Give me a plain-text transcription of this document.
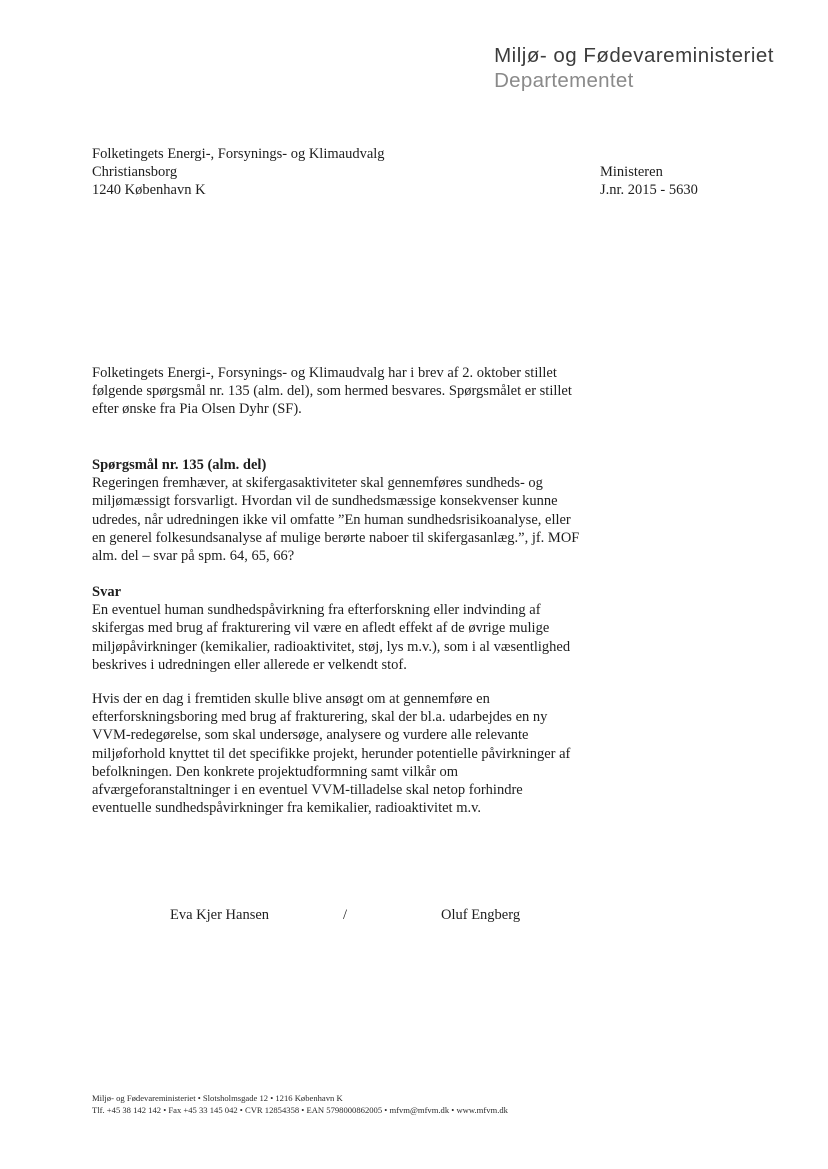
Miljø- og Fødevareministeriet
Departementet
Folketingets Energi-, Forsynings- og Klimaudvalg
Christiansborg
1240 København K
Ministeren
J.nr. 2015 - 5630
Folketingets Energi-, Forsynings- og Klimaudvalg har i brev af 2. oktober stillet
følgende spørgsmål nr. 135 (alm. del), som hermed besvares. Spørgsmålet er stillet
efter ønske fra Pia Olsen Dyhr (SF).
Spørgsmål nr. 135 (alm. del)
Regeringen fremhæver, at skifergasaktiviteter skal gennemføres sundheds- og
miljømæssigt forsvarligt. Hvordan vil de sundhedsmæssige konsekvenser kunne
udredes, når udredningen ikke vil omfatte ”En human sundhedsrisikoanalyse, eller
en generel folkesundsanalyse af mulige berørte naboer til skifergasanlæg.”, jf. MOF
alm. del – svar på spm. 64, 65, 66?
Svar
En eventuel human sundhedspåvirkning fra efterforskning eller indvinding af
skifergas med brug af frakturering vil være en afledt effekt af de øvrige mulige
miljøpåvirkninger (kemikalier, radioaktivitet, støj, lys m.v.), som i al væsentlighed
beskrives i udredningen eller allerede er velkendt stof.
Hvis der en dag i fremtiden skulle blive ansøgt om at gennemføre en
efterforskningsboring med brug af frakturering, skal der bl.a. udarbejdes en ny
VVM-redegørelse, som skal undersøge, analysere og vurdere alle relevante
miljøforhold knyttet til det specifikke projekt, herunder potentielle påvirkninger af
befolkningen. Den konkrete projektudformning samt vilkår om
afværgeforanstaltninger i en eventuel VVM-tilladelse skal netop forhindre
eventuelle sundhedspåvirkninger fra kemikalier, radioaktivitet m.v.
Eva Kjer Hansen	/	Oluf Engberg
Miljø- og Fødevareministeriet • Slotsholmsgade 12 • 1216 København K
Tlf. +45 38 142 142 • Fax +45 33 145 042 • CVR 12854358 • EAN 5798000862005 • mfvm@mfvm.dk • www.mfvm.dk
